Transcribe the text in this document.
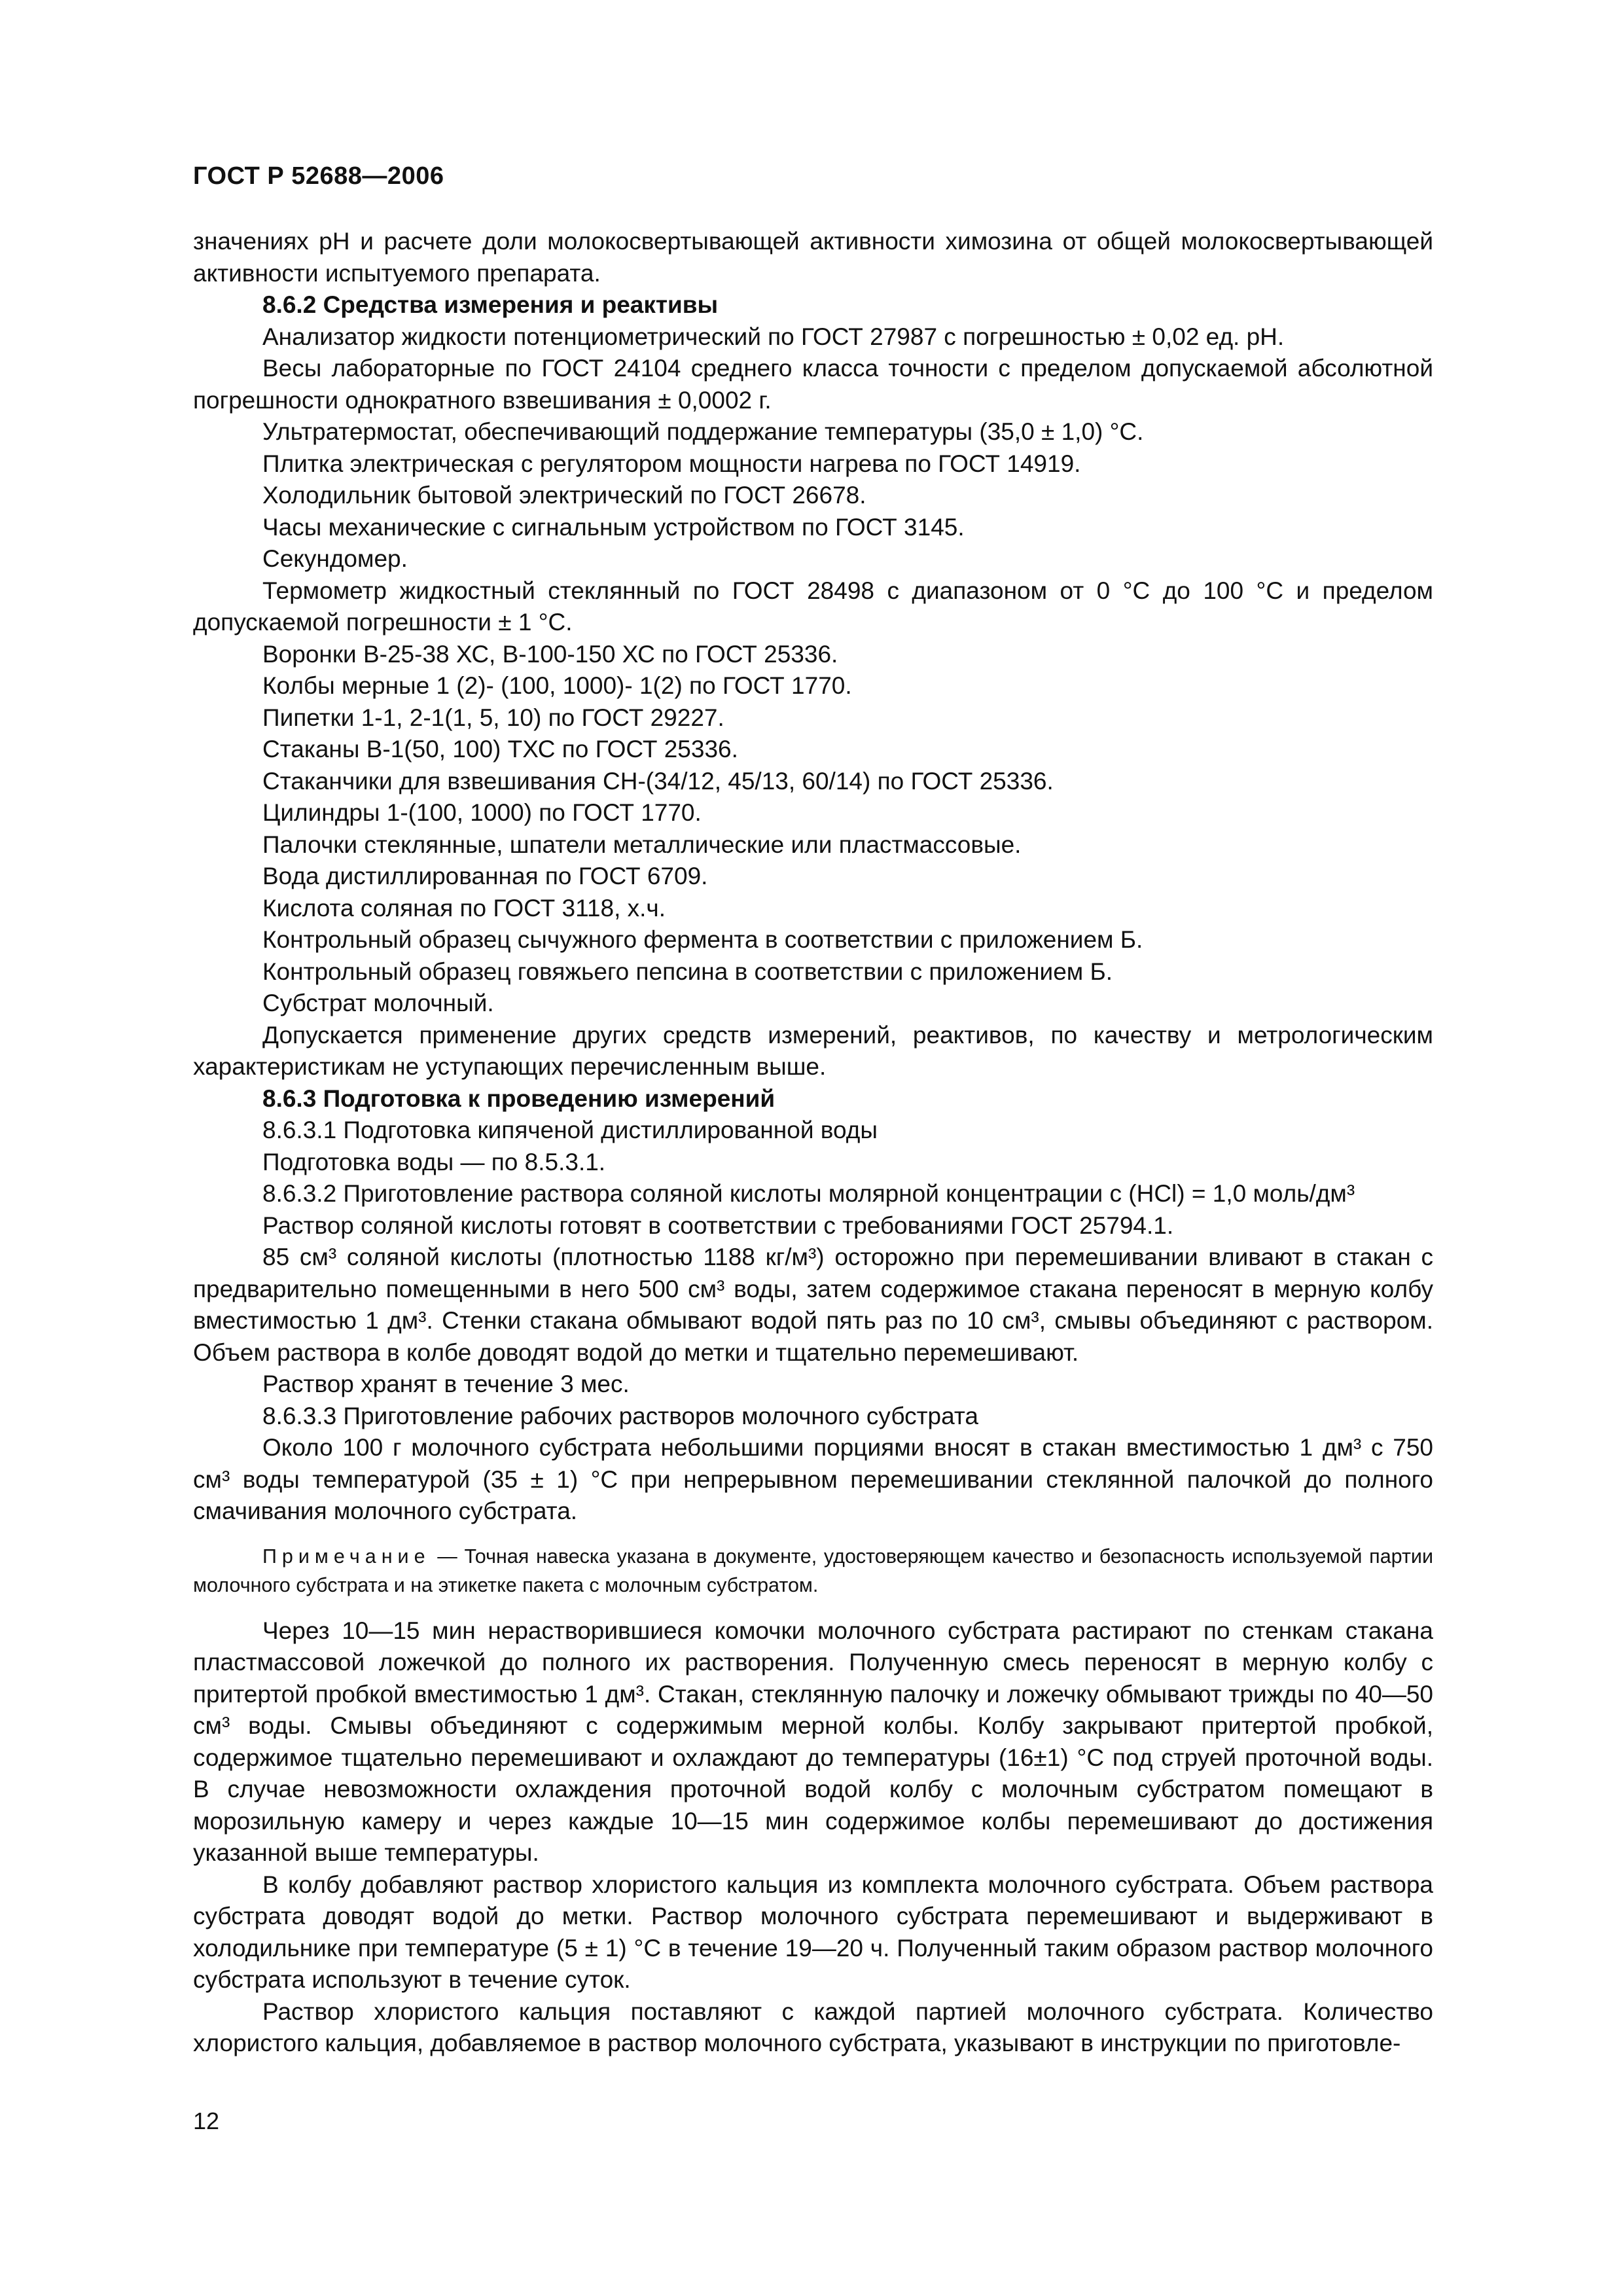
ГОСТ Р 52688—2006

значениях pH и расчете доли молокосвертывающей активности химозина от общей молокосвертывающей активности испытуемого препарата.

8.6.2 Средства измерения и реактивы

Анализатор жидкости потенциометрический по ГОСТ 27987 с погрешностью ± 0,02 ед. pH.

Весы лабораторные по ГОСТ 24104 среднего класса точности с пределом допускаемой абсолютной погрешности однократного взвешивания ± 0,0002 г.

Ультратермостат, обеспечивающий поддержание температуры (35,0 ± 1,0) °С.

Плитка электрическая с регулятором мощности нагрева по ГОСТ 14919.

Холодильник бытовой электрический по ГОСТ 26678.

Часы механические с сигнальным устройством по ГОСТ 3145.

Секундомер.

Термометр жидкостный стеклянный по ГОСТ 28498 с диапазоном от 0 °С до 100 °С и пределом допускаемой погрешности ± 1 °С.

Воронки В-25-38 ХС, В-100-150 ХС по ГОСТ 25336.

Колбы мерные 1 (2)- (100, 1000)- 1(2) по ГОСТ 1770.

Пипетки 1-1, 2-1(1, 5, 10) по ГОСТ 29227.

Стаканы В-1(50, 100) ТХС по ГОСТ 25336.

Стаканчики для взвешивания СН-(34/12, 45/13, 60/14) по ГОСТ 25336.

Цилиндры 1-(100, 1000) по ГОСТ 1770.

Палочки стеклянные, шпатели металлические или пластмассовые.

Вода дистиллированная по ГОСТ 6709.

Кислота соляная по ГОСТ 3118, х.ч.

Контрольный образец сычужного фермента в соответствии с приложением Б.

Контрольный образец говяжьего пепсина в соответствии с приложением Б.

Субстрат молочный.

Допускается применение других средств измерений, реактивов, по качеству и метрологическим характеристикам не уступающих перечисленным выше.

8.6.3 Подготовка к проведению измерений

8.6.3.1 Подготовка кипяченой дистиллированной воды

Подготовка воды — по 8.5.3.1.

8.6.3.2 Приготовление раствора соляной кислоты молярной концентрации c (HCl) = 1,0 моль/дм³

Раствор соляной кислоты готовят в соответствии с требованиями ГОСТ 25794.1.

85 см³ соляной кислоты (плотностью 1188 кг/м³) осторожно при перемешивании вливают в стакан с предварительно помещенными в него 500 см³ воды, затем содержимое стакана переносят в мерную колбу вместимостью 1 дм³. Стенки стакана обмывают водой пять раз по 10 см³, смывы объединяют с раствором. Объем раствора в колбе доводят водой до метки и тщательно перемешивают.

Раствор хранят в течение 3 мес.

8.6.3.3 Приготовление рабочих растворов молочного субстрата

Около 100 г молочного субстрата небольшими порциями вносят в стакан вместимостью 1 дм³ с 750 см³ воды температурой (35 ± 1) °С при непрерывном перемешивании стеклянной палочкой до полного смачивания молочного субстрата.

Примечание — Точная навеска указана в документе, удостоверяющем качество и безопасность используемой партии молочного субстрата и на этикетке пакета с молочным субстратом.

Через 10—15 мин нерастворившиеся комочки молочного субстрата растирают по стенкам стакана пластмассовой ложечкой до полного их растворения. Полученную смесь переносят в мерную колбу с притертой пробкой вместимостью 1 дм³. Стакан, стеклянную палочку и ложечку обмывают трижды по 40—50 см³ воды. Смывы объединяют с содержимым мерной колбы. Колбу закрывают притертой пробкой, содержимое тщательно перемешивают и охлаждают до температуры (16±1) °С под струей проточной воды. В случае невозможности охлаждения проточной водой колбу с молочным субстратом помещают в морозильную камеру и через каждые 10—15 мин содержимое колбы перемешивают до достижения указанной выше температуры.

В колбу добавляют раствор хлористого кальция из комплекта молочного субстрата. Объем раствора субстрата доводят водой до метки. Раствор молочного субстрата перемешивают и выдерживают в холодильнике при температуре (5 ± 1) °С в течение 19—20 ч. Полученный таким образом раствор молочного субстрата используют в течение суток.

Раствор хлористого кальция поставляют с каждой партией молочного субстрата. Количество хлористого кальция, добавляемое в раствор молочного субстрата, указывают в инструкции по приготовле-

12
